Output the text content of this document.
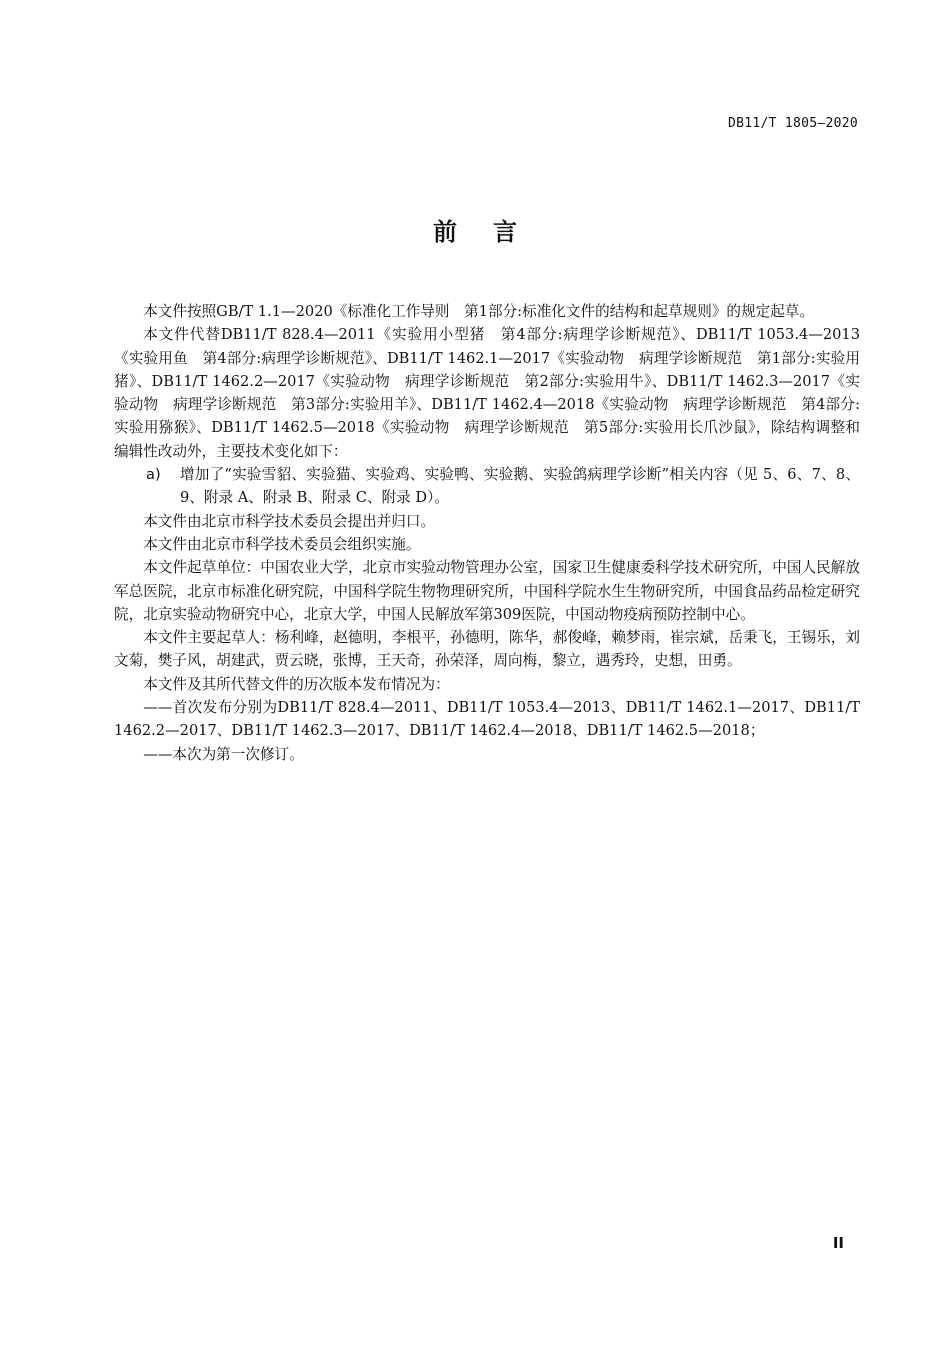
DB11/T 1805—2020
前言

本文件按照GB/T 1.1—2020《标准化工作导则　第1部分:标准化文件的结构和起草规则》的规定起草。

本文件代替DB11/T 828.4—2011《实验用小型猪　第4部分:病理学诊断规范》、DB11/T 1053.4—2013《实验用鱼　第4部分:病理学诊断规范》、DB11/T 1462.1—2017《实验动物　病理学诊断规范　第1部分:实验用猪》、DB11/T 1462.2—2017《实验动物　病理学诊断规范　第2部分:实验用牛》、DB11/T 1462.3—2017《实验动物　病理学诊断规范　第3部分:实验用羊》、DB11/T 1462.4—2018《实验动物　病理学诊断规范　第4部分:实验用猕猴》、DB11/T 1462.5—2018《实验动物　病理学诊断规范　第5部分:实验用长爪沙鼠》，除结构调整和编辑性改动外，主要技术变化如下：

a) 增加了“实验雪貂、实验猫、实验鸡、实验鸭、实验鹅、实验鸽病理学诊断”相关内容（见 5、6、7、8、9、附录 A、附录 B、附录 C、附录 D）。

本文件由北京市科学技术委员会提出并归口。

本文件由北京市科学技术委员会组织实施。

本文件起草单位：中国农业大学，北京市实验动物管理办公室，国家卫生健康委科学技术研究所，中国人民解放军总医院，北京市标准化研究院，中国科学院生物物理研究所，中国科学院水生生物研究所，中国食品药品检定研究院，北京实验动物研究中心，北京大学，中国人民解放军第309医院，中国动物疫病预防控制中心。

本文件主要起草人：杨利峰，赵德明，李根平，孙德明，陈华，郝俊峰，赖梦雨，崔宗斌，岳秉飞，王锡乐，刘文菊，樊子风，胡建武，贾云晓，张博，王天奇，孙荣泽，周向梅，黎立，遇秀玲，史想，田勇。

本文件及其所代替文件的历次版本发布情况为：

——首次发布分别为DB11/T 828.4—2011、DB11/T 1053.4—2013、DB11/T 1462.1—2017、DB11/T 1462.2—2017、DB11/T 1462.3—2017、DB11/T 1462.4—2018、DB11/T 1462.5—2018；

——本次为第一次修订。

II
